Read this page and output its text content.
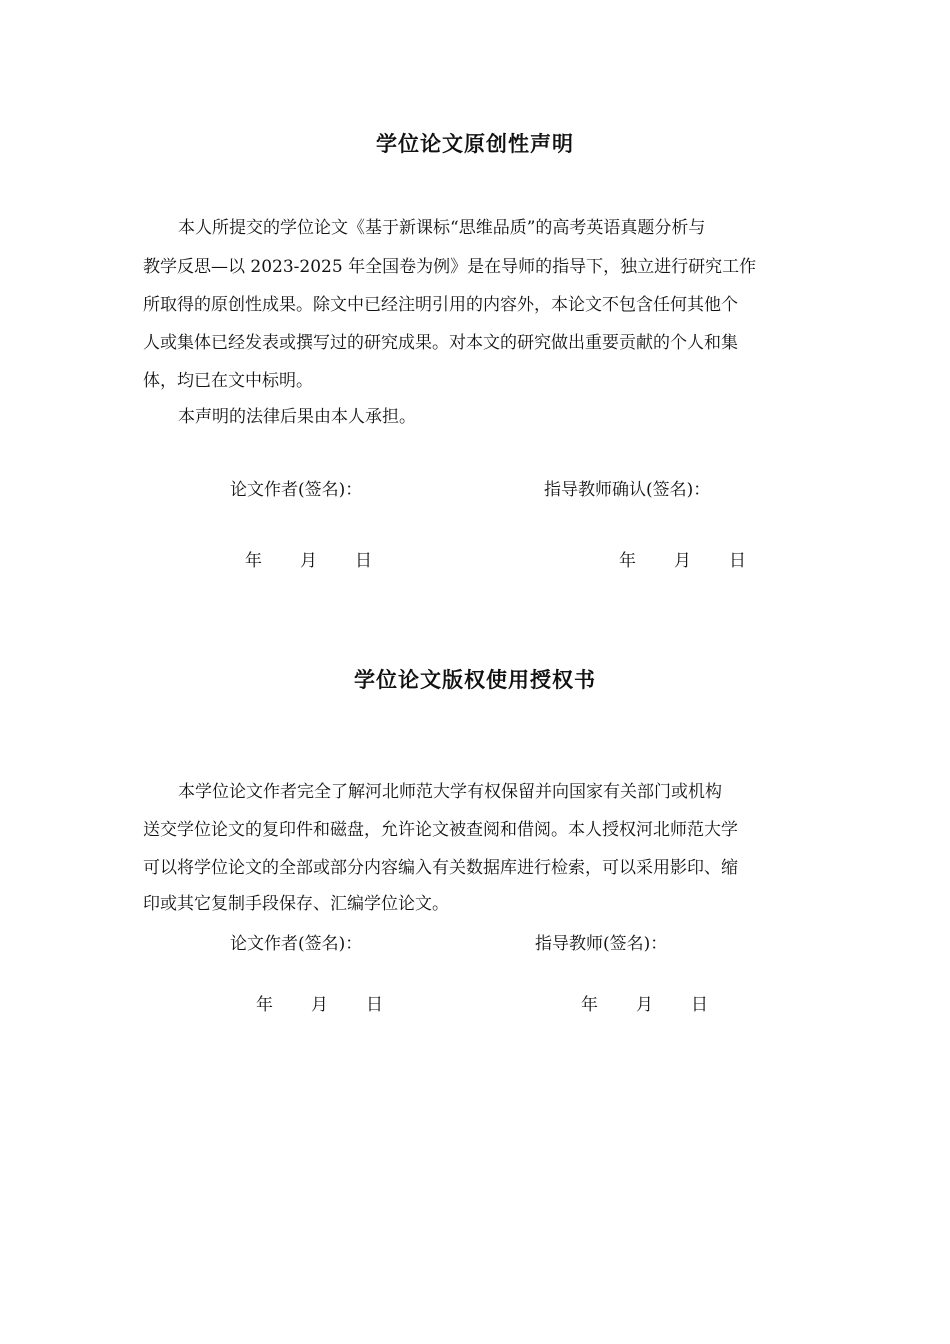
学位论文原创性声明
本人所提交的学位论文《基于新课标“思维品质”的高考英语真题分析与
教学反思—以 2023-2025 年全国卷为例》是在导师的指导下，独立进行研究工作
所取得的原创性成果。除文中已经注明引用的内容外，本论文不包含任何其他个
人或集体已经发表或撰写过的研究成果。对本文的研究做出重要贡献的个人和集
体，均已在文中标明。
本声明的法律后果由本人承担。
论文作者(签名)：	指导教师确认(签名)：
年 月 日	年 月 日
学位论文版权使用授权书
本学位论文作者完全了解河北师范大学有权保留并向国家有关部门或机构
送交学位论文的复印件和磁盘，允许论文被查阅和借阅。本人授权河北师范大学
可以将学位论文的全部或部分内容编入有关数据库进行检索，可以采用影印、缩
印或其它复制手段保存、汇编学位论文。
论文作者(签名)：	指导教师(签名)：
年 月 日	年 月 日
